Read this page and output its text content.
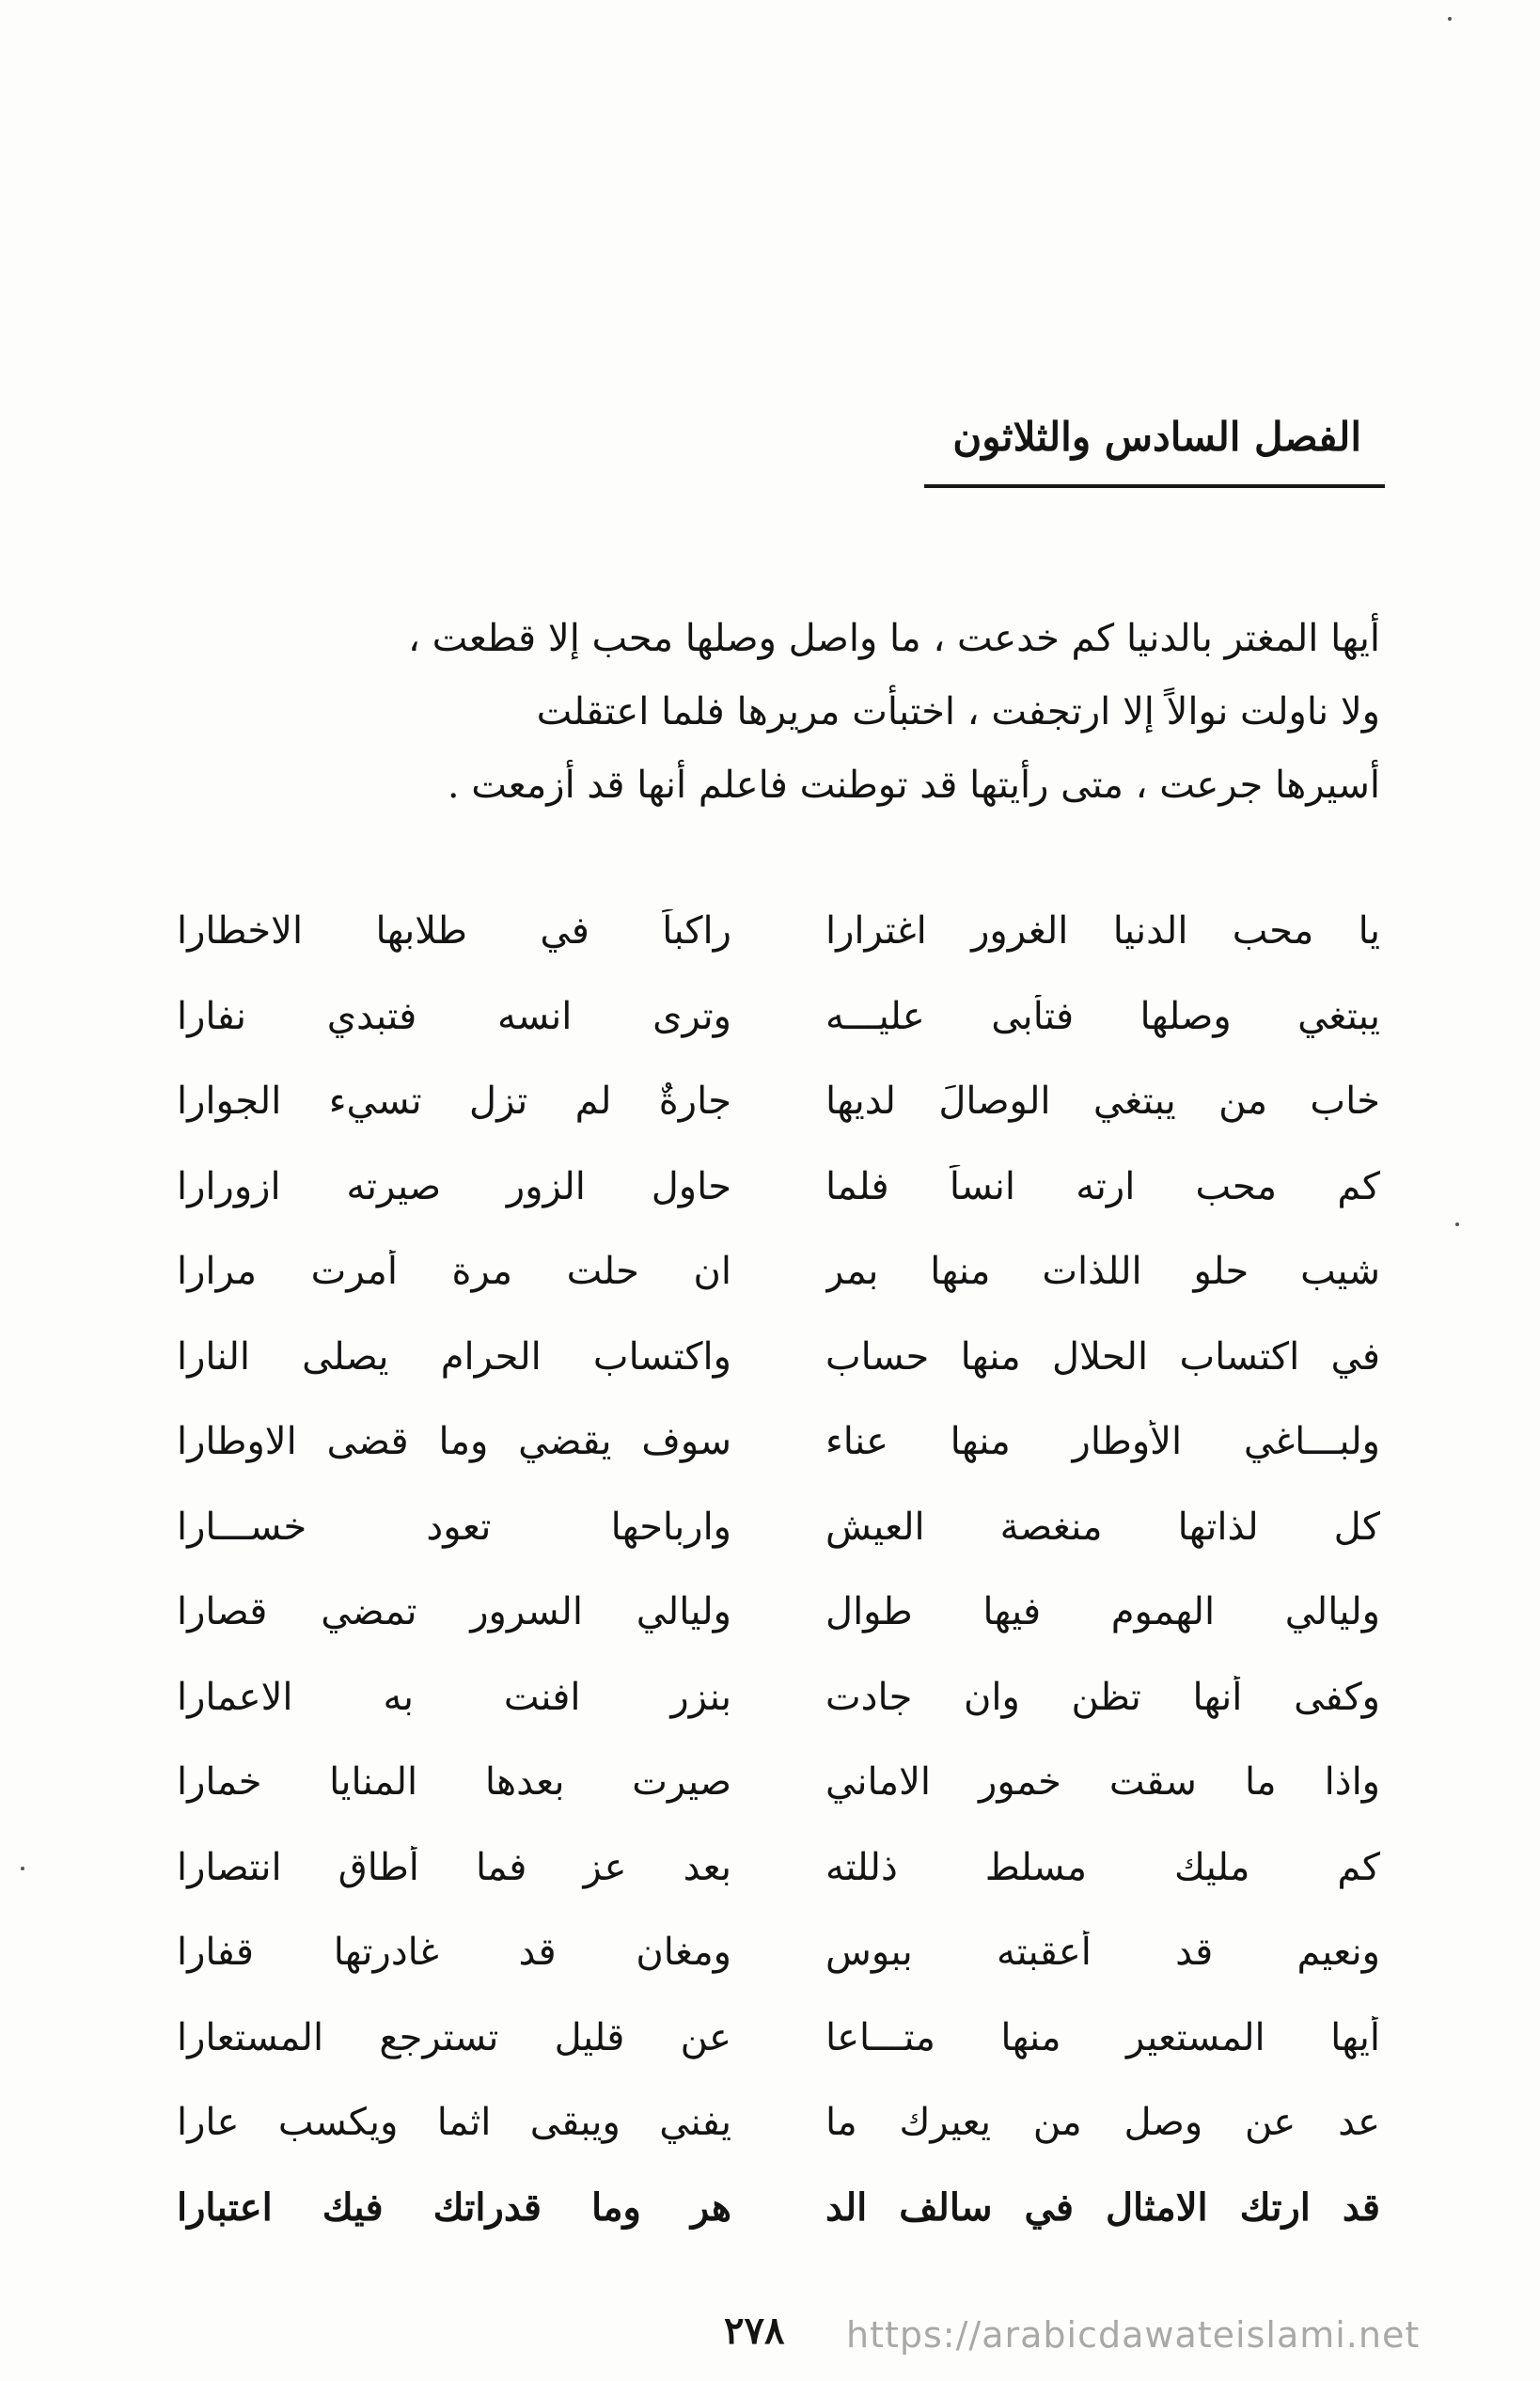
الفصل السادس والثلاثون

أيها المغتر بالدنيا كم خدعت ، ما واصل وصلها محب إلا قطعت ،

ولا ناولت نوالاً إلا ارتجفت ، اختبأت مريرها فلما اعتقلت

أسيرها جرعت ، متى رأيتها قد توطنت فاعلم أنها قد أزمعت .

يا محب الدنيا الغرور اغترارا
راكباً في طلابها الاخطارا
يبتغي وصلها فتأبى عليـــه
وترى انسه فتبدي نفارا
خاب من يبتغي الوصالَ لديها
جارةٌ لم تزل تسيء الجوارا
كم محب ارته انساً فلما
حاول الزور صيرته ازورارا
شيب حلو اللذات منها بمر
ان حلت مرة أمرت مرارا
في اكتساب الحلال منها حساب
واكتساب الحرام يصلى النارا
ولبـــاغي الأوطار منها عناء
سوف يقضي وما قضى الاوطارا
كل لذاتها منغصة العيش
وارباحها تعود خســـارا
ولياليِ الهموم فيها طوال
ولياليِ السرور تمضي قصارا
وكفى أنها تظن وان جادت
بنزر افنت به الاعمارا
واذا ما سقت خمور الاماني
صيرت بعدها المنايا خمارا
كم مليك مسلط ذللته
بعد عز فما أطاق انتصارا
ونعيم قد أعقبته ببوس
ومغان قد غادرتها قفارا
أيها المستعير منها متـــاعا
عن قليل تسترجع المستعارا
عد عن وصل من يعيرك ما
يفني ويبقى اثما ويكسب عارا
قد ارتك الامثال في سالف الد
هر وما قدراتك فيك اعتبارا
٢٧٨ https://arabicdawateislami.net
